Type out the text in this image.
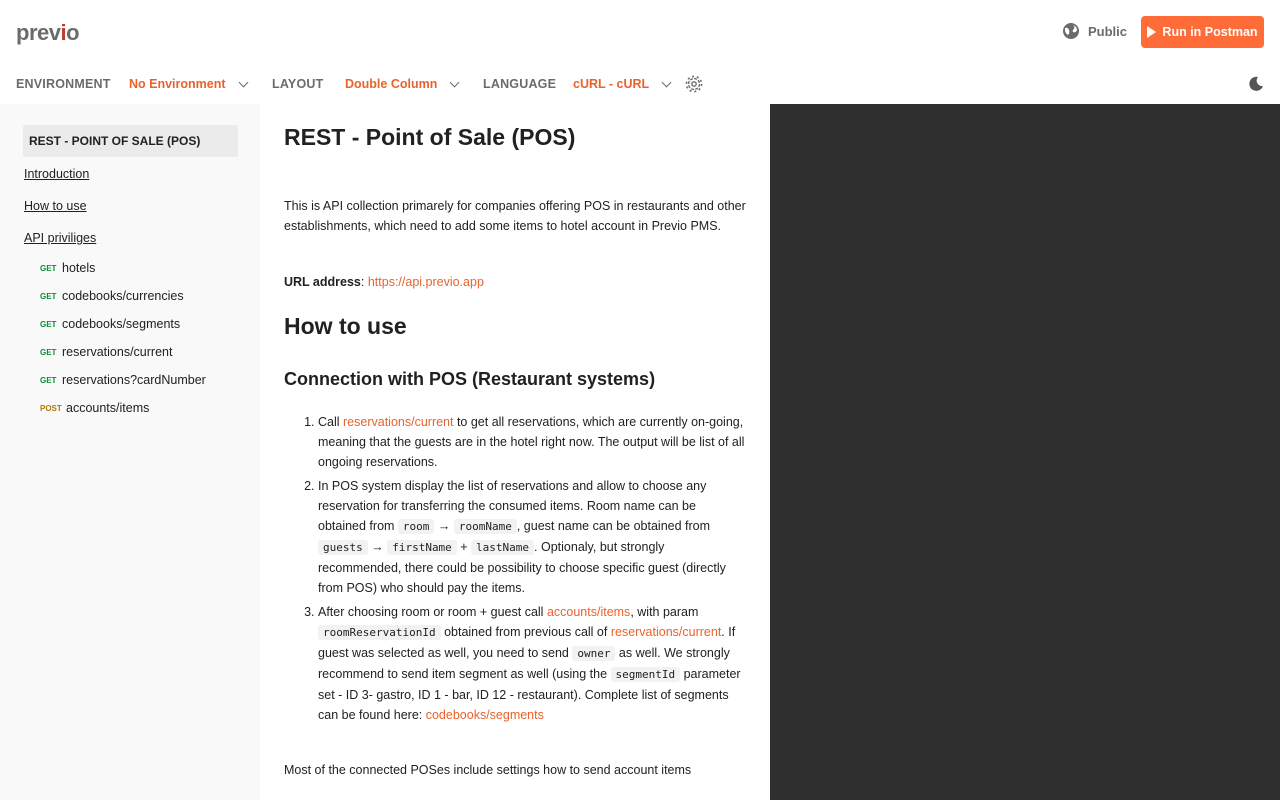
previo	Public	Run in Postman
ENVIRONMENT No Environment	LAYOUT Double Column	LANGUAGE cURL - cURL
REST - POINT OF SALE (POS)
Introduction
How to use
API priviliges
GET hotels
GET codebooks/currencies
GET codebooks/segments
GET reservations/current
GET reservations?cardNumber
POST accounts/items
REST - Point of Sale (POS)

This is API collection primarely for companies offering POS in restaurants and other establishments, which need to add some items to hotel account in Previo PMS.

URL address: https://api.previo.app

How to use
Connection with POS (Restaurant systems)
1. Call reservations/current to get all reservations, which are currently on-going, meaning that the guests are in the hotel right now. The output will be list of all ongoing reservations.
2. In POS system display the list of reservations and allow to choose any reservation for transferring the consumed items. Room name can be obtained from room → roomName , guest name can be obtained from guests → firstName + lastName . Optionaly, but strongly recommended, there could be possibility to choose specific guest (directly from POS) who should pay the items.
3. After choosing room or room + guest call accounts/items, with param roomReservationId obtained from previous call of reservations/current. If guest was selected as well, you need to send owner as well. We strongly recommend to send item segment as well (using the segmentId parameter set - ID 3- gastro, ID 1 - bar, ID 12 - restaurant). Complete list of segments can be found here: codebooks/segments

Most of the connected POSes include settings how to send account items
